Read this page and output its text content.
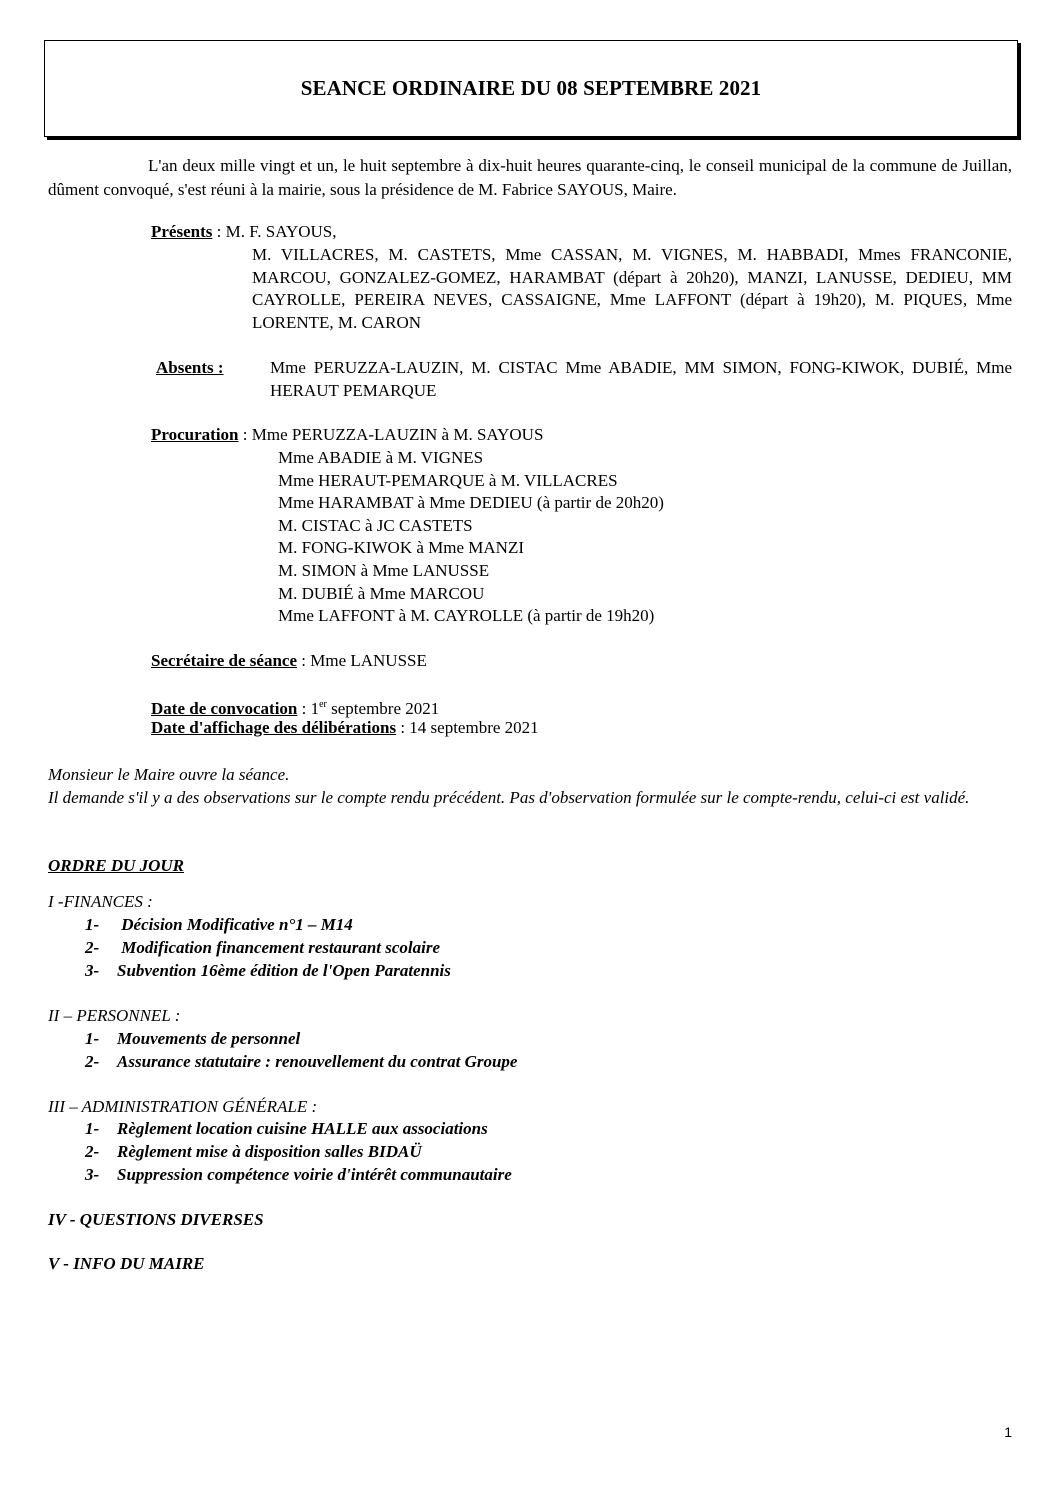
SEANCE ORDINAIRE DU 08 SEPTEMBRE 2021

L'an deux mille vingt et un, le huit septembre à dix-huit heures quarante-cinq, le conseil municipal de la commune de Juillan, dûment convoqué, s'est réuni à la mairie, sous la présidence de M. Fabrice SAYOUS, Maire.

Présents : M. F. SAYOUS,

M. VILLACRES, M. CASTETS, Mme CASSAN, M. VIGNES, M. HABBADI, Mmes FRANCONIE, MARCOU, GONZALEZ-GOMEZ, HARAMBAT (départ à 20h20), MANZI, LANUSSE, DEDIEU, MM CAYROLLE, PEREIRA NEVES, CASSAIGNE, Mme LAFFONT (départ à 19h20), M. PIQUES, Mme LORENTE, M. CARON

Absents :	Mme PERUZZA-LAUZIN, M. CISTAC Mme ABADIE, MM SIMON, FONG-KIWOK, DUBIÉ, Mme HERAUT PEMARQUE

Procuration : Mme PERUZZA-LAUZIN à M. SAYOUS
Mme ABADIE à M. VIGNES
Mme HERAUT-PEMARQUE à M. VILLACRES
Mme HARAMBAT à Mme DEDIEU (à partir de 20h20)
M. CISTAC à JC CASTETS
M. FONG-KIWOK à Mme MANZI
M. SIMON à Mme LANUSSE
M. DUBIÉ à Mme MARCOU
Mme LAFFONT à M. CAYROLLE (à partir de 19h20)
Secrétaire de séance : Mme LANUSSE
Date de convocation : 1er septembre 2021
Date d'affichage des délibérations : 14 septembre 2021

Monsieur le Maire ouvre la séance.

Il demande s'il y a des observations sur le compte rendu précédent. Pas d'observation formulée sur le compte-rendu, celui-ci est validé.

ORDRE DU JOUR
I -FINANCES :
1- Décision Modificative n°1 – M14
2- Modification financement restaurant scolaire
3- Subvention 16ème édition de l'Open Paratennis
II – PERSONNEL :
1- Mouvements de personnel
2- Assurance statutaire : renouvellement du contrat Groupe
III – ADMINISTRATION GÉNÉRALE :
1- Règlement location cuisine HALLE aux associations
2- Règlement mise à disposition salles BIDAÜ
3- Suppression compétence voirie d'intérêt communautaire
IV - QUESTIONS DIVERSES
V - INFO DU MAIRE
1
